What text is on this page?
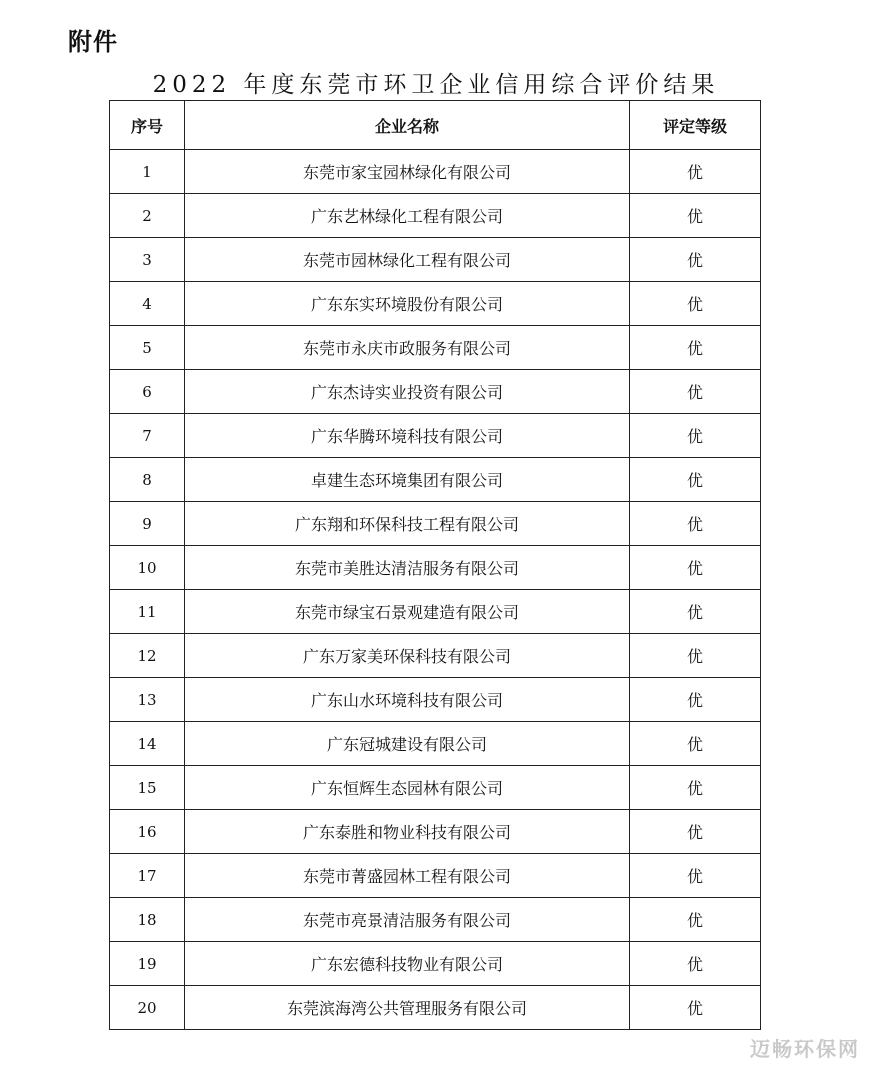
附件
2022 年度东莞市环卫企业信用综合评价结果
序号	企业名称	评定等级
1	东莞市家宝园林绿化有限公司	优
2	广东艺林绿化工程有限公司	优
3	东莞市园林绿化工程有限公司	优
4	广东东实环境股份有限公司	优
5	东莞市永庆市政服务有限公司	优
6	广东杰诗实业投资有限公司	优
7	广东华腾环境科技有限公司	优
8	卓建生态环境集团有限公司	优
9	广东翔和环保科技工程有限公司	优
10	东莞市美胜达清洁服务有限公司	优
11	东莞市绿宝石景观建造有限公司	优
12	广东万家美环保科技有限公司	优
13	广东山水环境科技有限公司	优
14	广东冠城建设有限公司	优
15	广东恒辉生态园林有限公司	优
16	广东泰胜和物业科技有限公司	优
17	东莞市菁盛园林工程有限公司	优
18	东莞市亮景清洁服务有限公司	优
19	广东宏德科技物业有限公司	优
20	东莞滨海湾公共管理服务有限公司	优
迈畅环保网
